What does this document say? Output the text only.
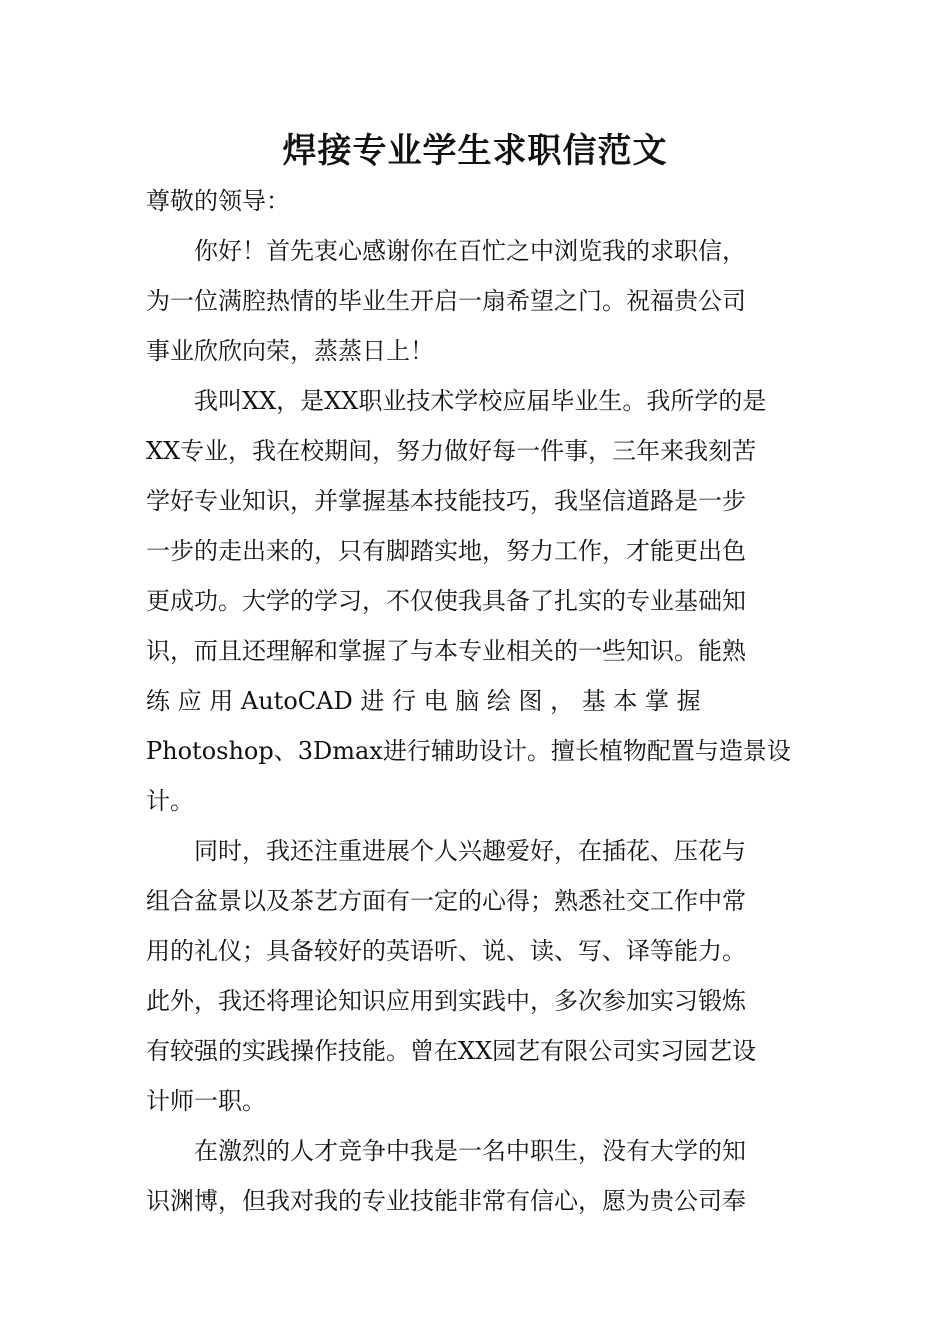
焊接专业学生求职信范文

尊敬的领导：

你好！首先衷心感谢你在百忙之中浏览我的求职信，
为一位满腔热情的毕业生开启一扇希望之门。祝福贵公司
事业欣欣向荣，蒸蒸日上！

我叫XX，是XX职业技术学校应届毕业生。我所学的是
XX专业，我在校期间，努力做好每一件事，三年来我刻苦
学好专业知识，并掌握基本技能技巧，我坚信道路是一步
一步的走出来的，只有脚踏实地，努力工作，才能更出色
更成功。大学的学习，不仅使我具备了扎实的专业基础知
识，而且还理解和掌握了与本专业相关的一些知识。能熟
练 应 用 AutoCAD 进 行 电 脑 绘 图 ， 基 本 掌 握
Photoshop、3Dmax进行辅助设计。擅长植物配置与造景设
计。

同时，我还注重进展个人兴趣爱好，在插花、压花与
组合盆景以及茶艺方面有一定的心得；熟悉社交工作中常
用的礼仪；具备较好的英语听、说、读、写、译等能力。
此外，我还将理论知识应用到实践中，多次参加实习锻炼
有较强的实践操作技能。曾在XX园艺有限公司实习园艺设
计师一职。

在激烈的人才竞争中我是一名中职生，没有大学的知
识渊博，但我对我的专业技能非常有信心，愿为贵公司奉
